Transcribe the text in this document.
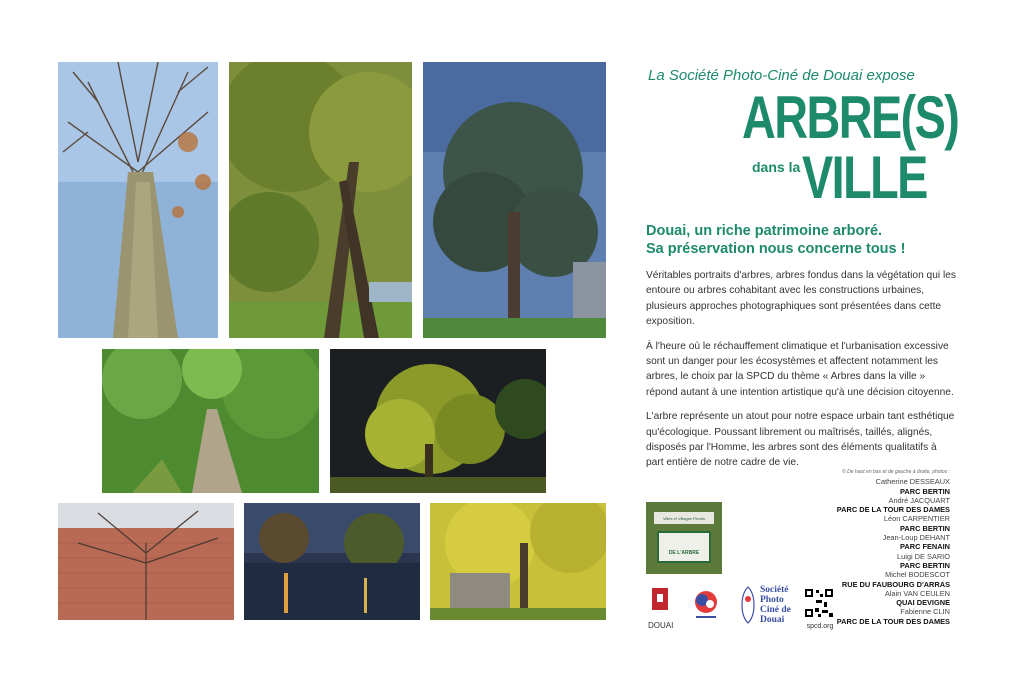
La Société Photo-Ciné de Douai expose
ARBRE(S)
dans la VILLE
Douai, un riche patrimoine arboré.
Sa préservation nous concerne tous !

Véritables portraits d'arbres, arbres fondus dans la végétation qui les entoure ou arbres cohabitant avec les constructions urbaines, plusieurs approches photographiques sont présentées dans cette exposition.

À l'heure où le réchauffement climatique et l'urbanisation excessive sont un danger pour les écosystèmes et affectent notamment les arbres, le choix par la SPCD du thème « Arbres dans la ville » répond autant à une intention artistique qu'à une décision citoyenne.

L'arbre représente un atout pour notre espace urbain tant esthétique qu'écologique. Poussant librement ou maîtrisés, taillés, alignés, disposés par l'Homme, les arbres sont des éléments qualitatifs à part entière de notre cadre de vie.

© De haut en bas et de gauche à droite, photos :
Catherine DESSEAUX
PARC BERTIN
André JACQUART
PARC DE LA TOUR DES DAMES
Léon CARPENTIER
PARC BERTIN
Jean-Loup DEHANT
PARC FENAIN
Luigi DE SARIO
PARC BERTIN
Michel BODESCOT
RUE DU FAUBOURG D'ARRAS
Alain VAN CEULEN
QUAI DEVIGNE
Fabienne CLIN
PARC DE LA TOUR DES DAMES
Villes et Villages Fleuris
DE L'ARBRE
DOUAI
Société
Photo
Ciné de
Douai
spcd.org
